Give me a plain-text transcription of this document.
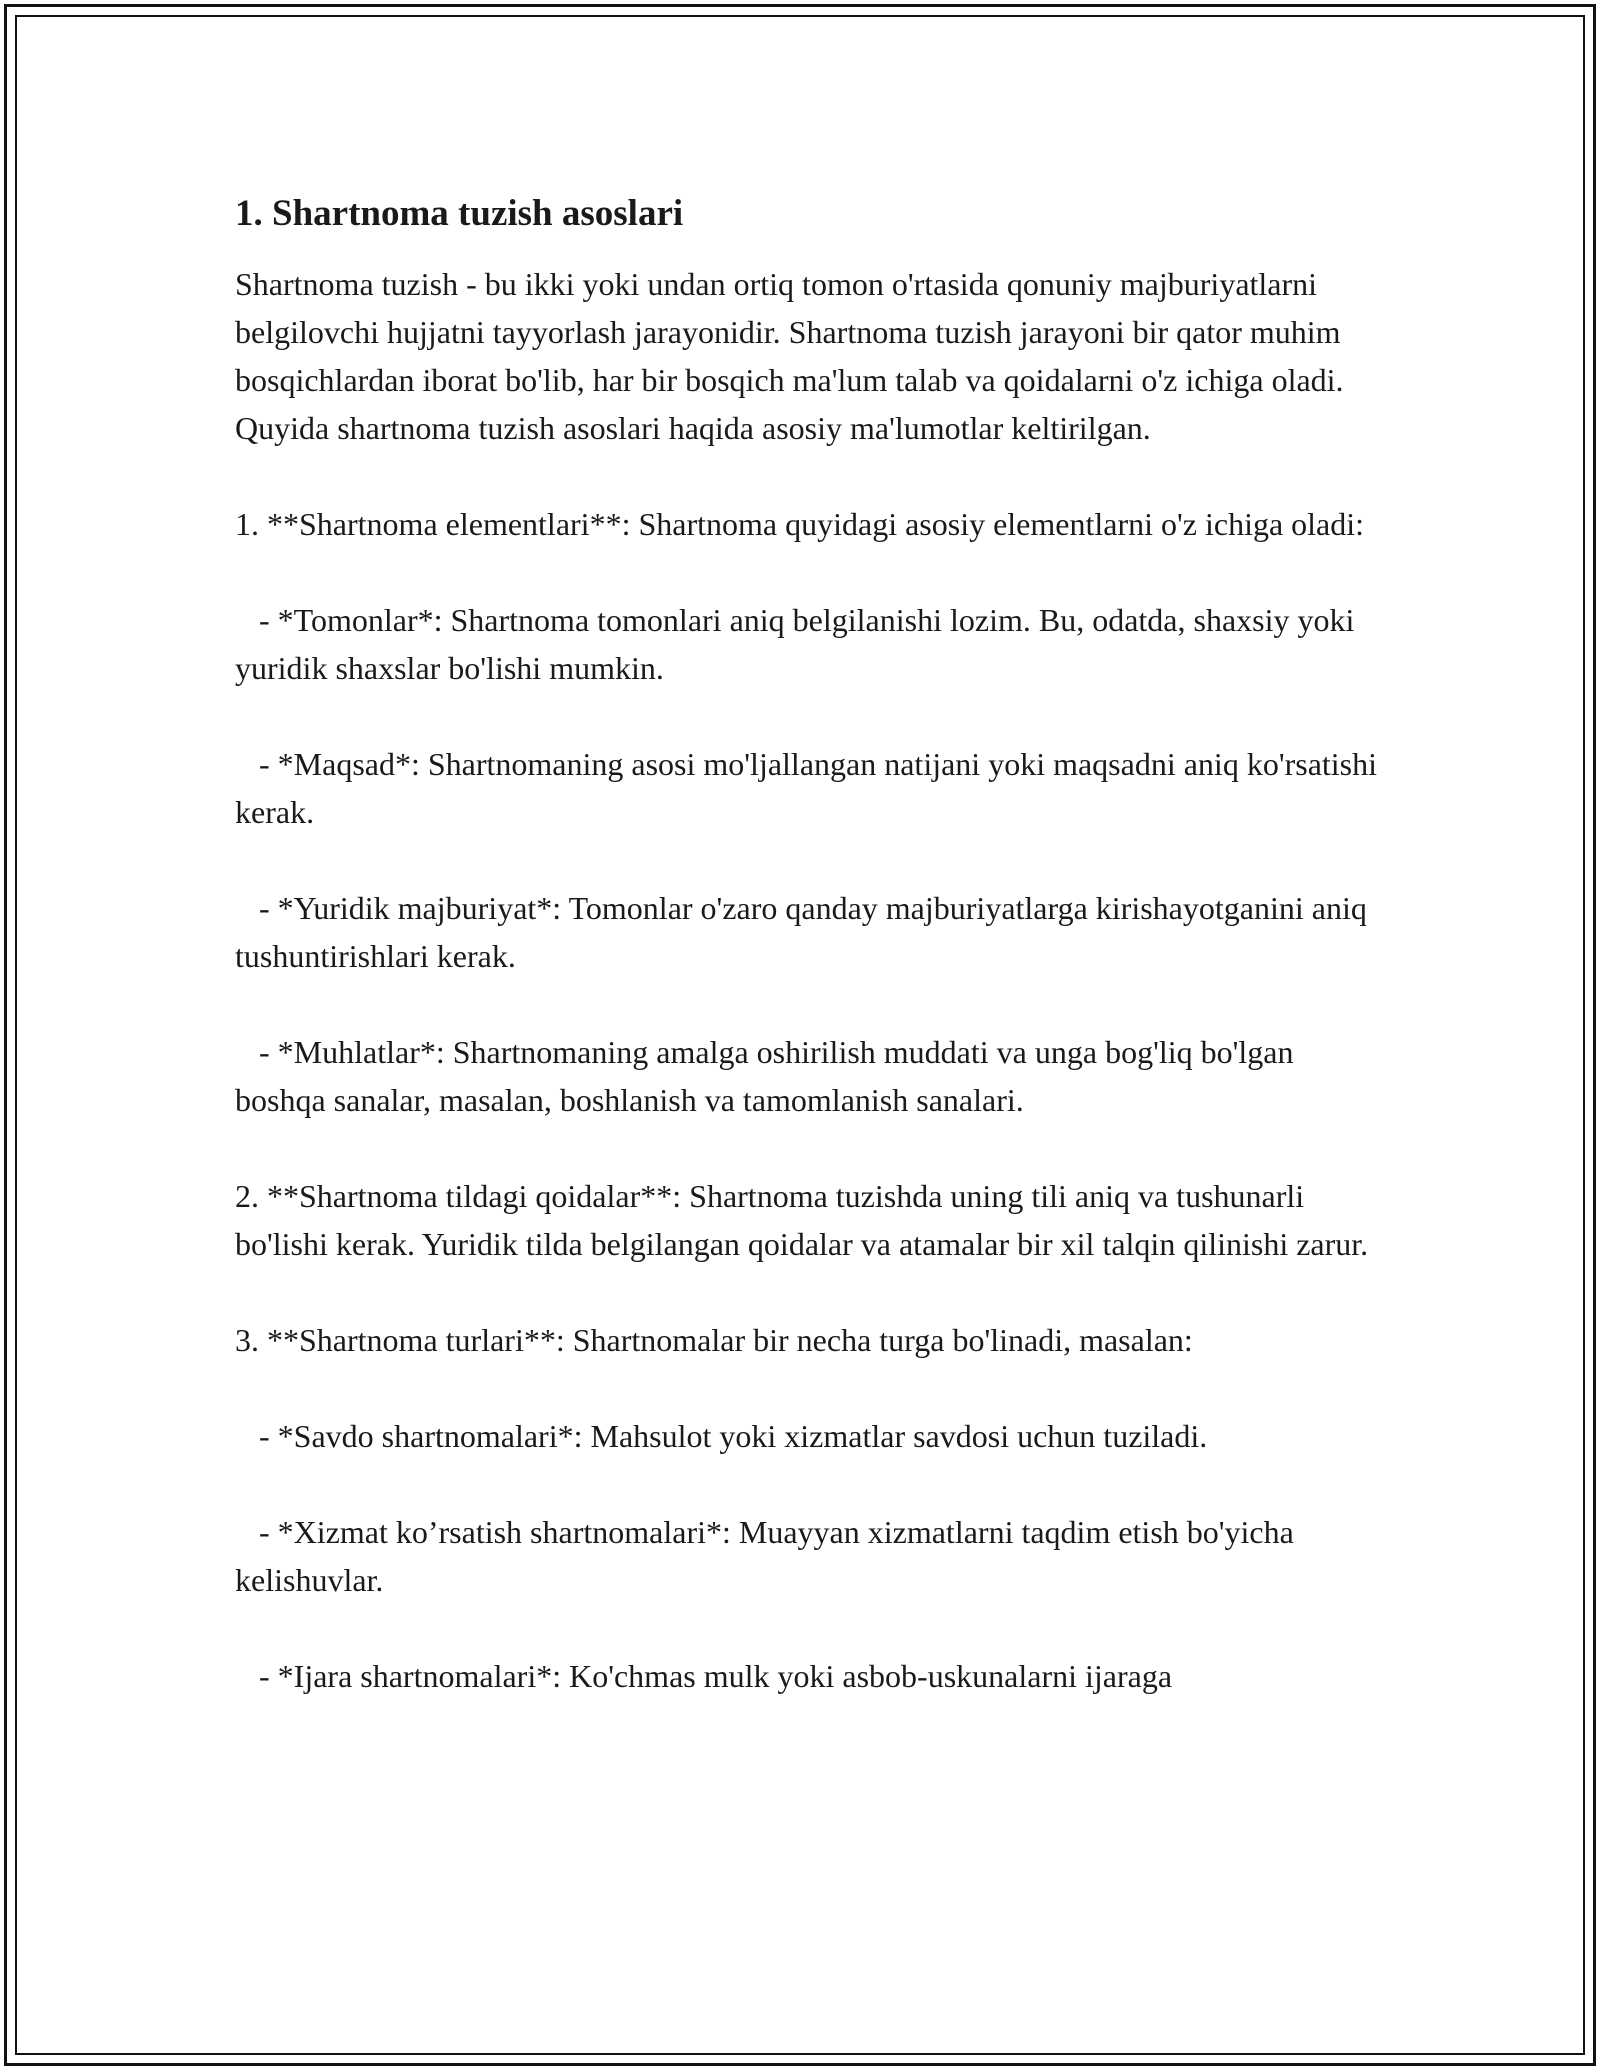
1. Shartnoma tuzish asoslari

Shartnoma tuzish - bu ikki yoki undan ortiq tomon o'rtasida qonuniy majburiyatlarni belgilovchi hujjatni tayyorlash jarayonidir. Shartnoma tuzish jarayoni bir qator muhim bosqichlardan iborat bo'lib, har bir bosqich ma'lum talab va qoidalarni o'z ichiga oladi. Quyida shartnoma tuzish asoslari haqida asosiy ma'lumotlar keltirilgan.

1. **Shartnoma elementlari**: Shartnoma quyidagi asosiy elementlarni o'z ichiga oladi:

- *Tomonlar*: Shartnoma tomonlari aniq belgilanishi lozim. Bu, odatda, shaxsiy yoki yuridik shaxslar bo'lishi mumkin.

- *Maqsad*: Shartnomaning asosi mo'ljallangan natijani yoki maqsadni aniq ko'rsatishi kerak.

- *Yuridik majburiyat*: Tomonlar o'zaro qanday majburiyatlarga kirishayotganini aniq tushuntirishlari kerak.

- *Muhlatlar*: Shartnomaning amalga oshirilish muddati va unga bog'liq bo'lgan boshqa sanalar, masalan, boshlanish va tamomlanish sanalari.

2. **Shartnoma tildagi qoidalar**: Shartnoma tuzishda uning tili aniq va tushunarli bo'lishi kerak. Yuridik tilda belgilangan qoidalar va atamalar bir xil talqin qilinishi zarur.

3. **Shartnoma turlari**: Shartnomalar bir necha turga bo'linadi, masalan:

- *Savdo shartnomalari*: Mahsulot yoki xizmatlar savdosi uchun tuziladi.

- *Xizmat ko’rsatish shartnomalari*: Muayyan xizmatlarni taqdim etish bo'yicha kelishuvlar.

- *Ijara shartnomalari*: Ko'chmas mulk yoki asbob-uskunalarni ijaraga
